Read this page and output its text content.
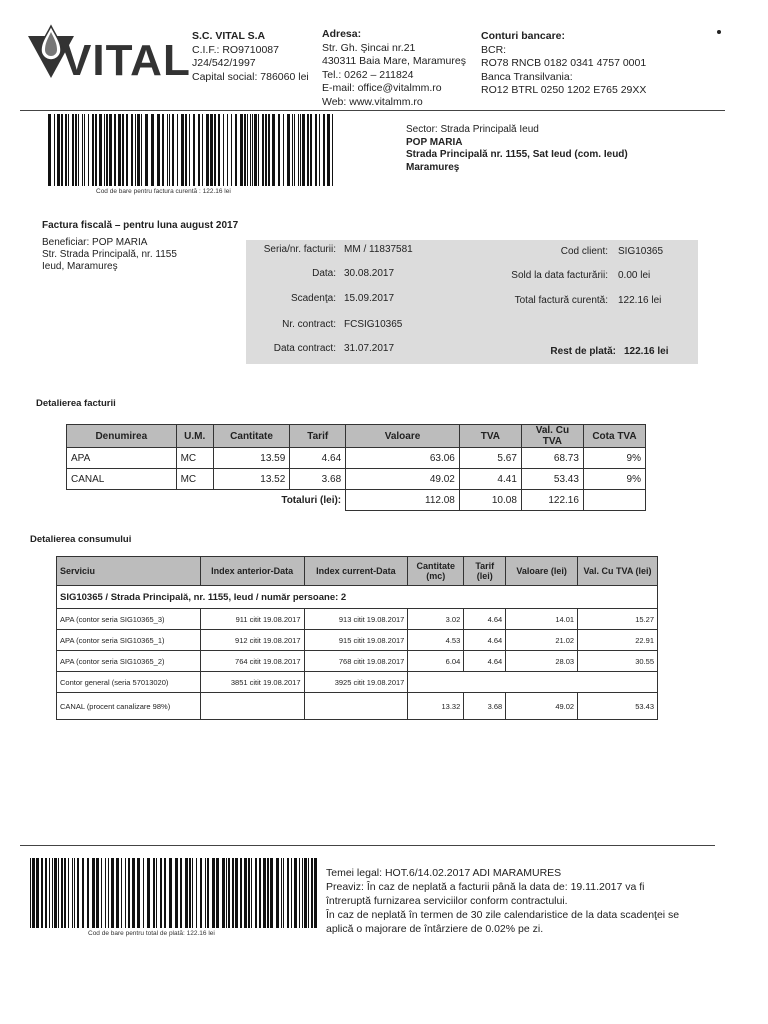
VITAL S.C. VITAL S.A
C.I.F.: RO9710087
J24/542/1997
Capital social: 786060 lei
Adresa:
Str. Gh. Şincai nr.21
430311 Baia Mare, Maramureş
Tel.: 0262 – 211824
E-mail: office@vitalmm.ro
Web: www.vitalmm.ro
Conturi bancare:
BCR:
RO78 RNCB 0182 0341 4757 0001
Banca Transilvania:
RO12 BTRL 0250 1202 E765 29XX
Cod de bare pentru factura curentă : 122.16 lei
Sector: Strada Principală Ieud
POP MARIA
Strada Principală nr. 1155, Sat Ieud (com. Ieud)
Maramureş
Factura fiscală – pentru luna august 2017
Beneficiar: POP MARIA
Str. Strada Principală, nr. 1155
Ieud, Maramureş
Seria/nr. facturii: MM / 11837581
Data: 30.08.2017
Scadenţa: 15.09.2017
Nr. contract: FCSIG10365
Data contract: 31.07.2017
Cod client: SIG10365
Sold la data facturării: 0.00 lei
Total factură curentă: 122.16 lei
Rest de plată: 122.16 lei
Detalierea facturii
Denumirea	U.M.	Cantitate	Tarif	Valoare	TVA	Val. Cu TVA	Cota TVA
APA	MC	13.59	4.64	63.06	5.67	68.73	9%
CANAL	MC	13.52	3.68	49.02	4.41	53.43	9%
Totaluri (lei):				112.08	10.08	122.16	
Detalierea consumului
Serviciu	Index anterior-Data	Index current-Data	Cantitate (mc)	Tarif (lei)	Valoare (lei)	Val. Cu TVA (lei)
SIG10365 / Strada Principală, nr. 1155, Ieud / număr persoane: 2						
APA (contor seria SIG10365_3)	911 citit 19.08.2017	913 citit 19.08.2017	3.02	4.64	14.01	15.27
APA (contor seria SIG10365_1)	912 citit 19.08.2017	915 citit 19.08.2017	4.53	4.64	21.02	22.91
APA (contor seria SIG10365_2)	764 citit 19.08.2017	768 citit 19.08.2017	6.04	4.64	28.03	30.55
Contor general (seria 57013020)	3851 citit 19.08.2017	3925 citit 19.08.2017				
CANAL (procent canalizare 98%)			13.32	3.68	49.02	53.43
Cod de bare pentru total de plată: 122.16 lei
Temei legal: HOT.6/14.02.2017 ADI MARAMURES
Preaviz: În caz de neplată a facturii până la data de: 19.11.2017 va fi
întreruptă furnizarea serviciilor conform contractului.
În caz de neplată în termen de 30 zile calendaristice de la data scadenţei se
aplică o majorare de întârziere de 0.02% pe zi.
